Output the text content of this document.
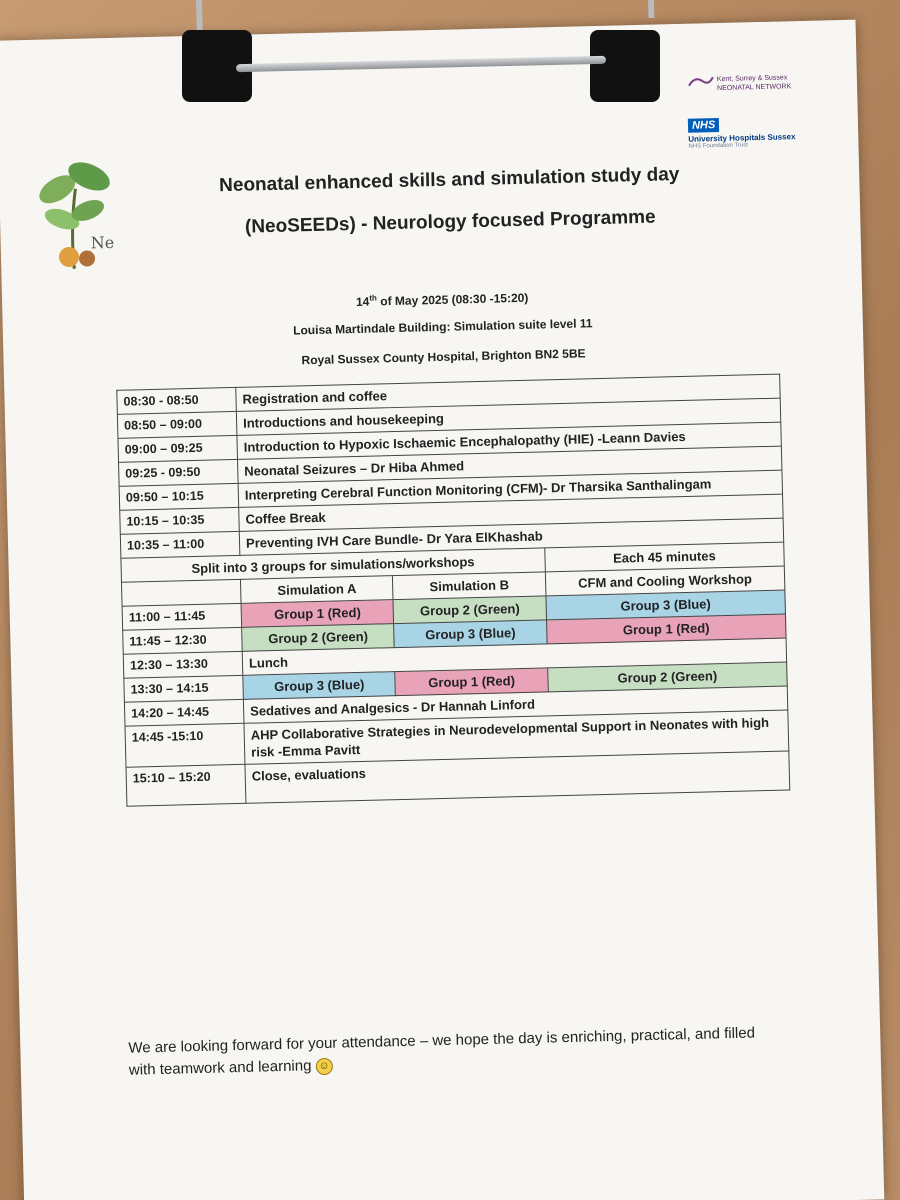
Ne
Kent, Surrey & Sussex
NEONATAL NETWORK
NHS
University Hospitals Sussex
NHS Foundation Trust
Neonatal enhanced skills and simulation study day
(NeoSEEDs) - Neurology focused Programme
14th of May 2025 (08:30 -15:20)
Louisa Martindale Building: Simulation suite level 11
Royal Sussex County Hospital, Brighton BN2 5BE
08:30 - 08:50	Registration and coffee		
08:50 – 09:00	Introductions and housekeeping		
09:00 – 09:25	Introduction to Hypoxic Ischaemic Encephalopathy (HIE) -Leann Davies		
09:25 - 09:50	Neonatal Seizures – Dr Hiba Ahmed		
09:50 – 10:15	Interpreting Cerebral Function Monitoring (CFM)- Dr Tharsika Santhalingam		
10:15 – 10:35	Coffee Break		
10:35 – 11:00	Preventing IVH Care Bundle- Dr Yara ElKhashab		
Split into 3 groups for simulations/workshops			Each 45 minutes
	Simulation A	Simulation B	CFM and Cooling Workshop
11:00 – 11:45	Group 1 (Red)	Group 2 (Green)	Group 3 (Blue)
11:45 – 12:30	Group 2 (Green)	Group 3 (Blue)	Group 1 (Red)
12:30 – 13:30	Lunch		
13:30 – 14:15	Group 3 (Blue)	Group 1 (Red)	Group 2 (Green)
14:20 – 14:45	Sedatives and Analgesics - Dr Hannah Linford		
14:45 -15:10	AHP Collaborative Strategies in Neurodevelopmental Support in Neonates with high risk -Emma Pavitt		
15:10 – 15:20	Close, evaluations		
We are looking forward for your attendance – we hope the day is enriching, practical, and filled with teamwork and learning ☺
